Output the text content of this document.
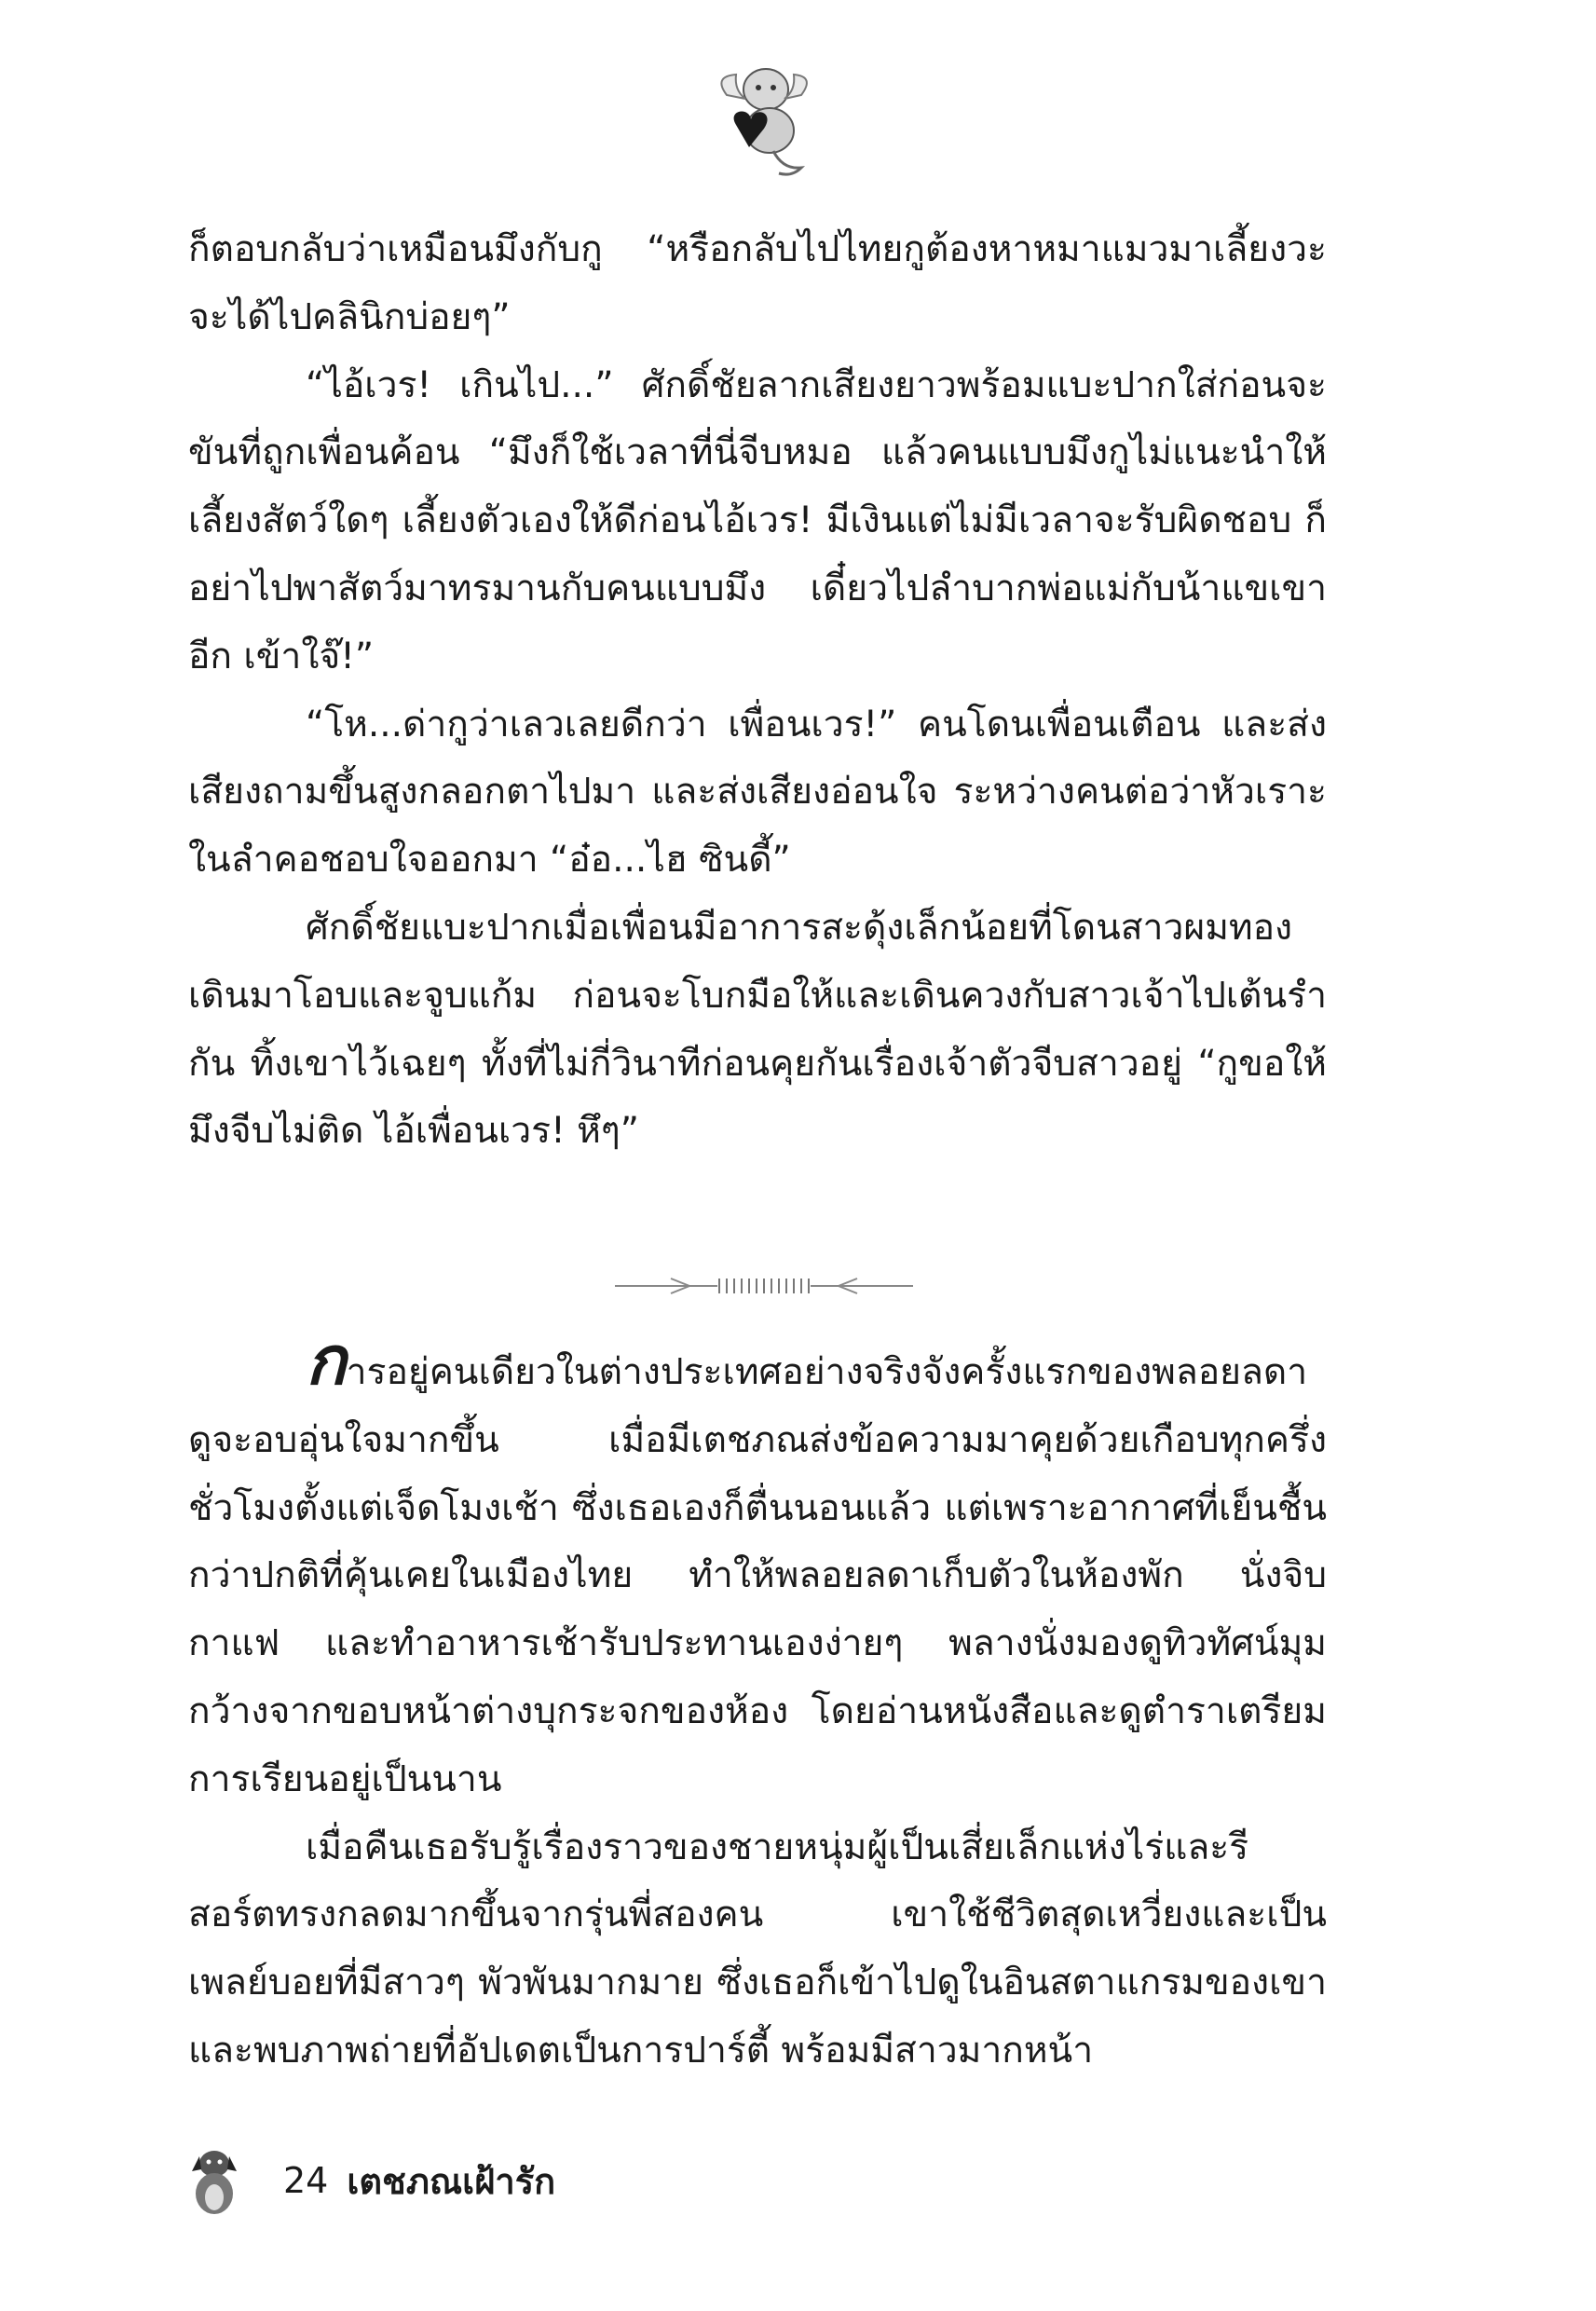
ก็ตอบกลับว่าเหมือนมึงกับกู “หรือกลับไปไทยกูต้องหาหมาแมวมาเลี้ยงวะ จะได้ไปคลินิกบ่อยๆ”

“ไอ้เวร! เกินไป...” ศักดิ์ชัยลากเสียงยาวพร้อมแบะปากใส่ก่อนจะขันที่ถูกเพื่อนค้อน “มึงก็ใช้เวลาที่นี่จีบหมอ แล้วคนแบบมึงกูไม่แนะนำให้เลี้ยงสัตว์ใดๆ เลี้ยงตัวเองให้ดีก่อนไอ้เวร! มีเงินแต่ไม่มีเวลาจะรับผิดชอบ ก็อย่าไปพาสัตว์มาทรมานกับคนแบบมึง เดี๋ยวไปลำบากพ่อแม่กับน้าแขเขาอีก เข้าใจ๊!”

“โห...ด่ากูว่าเลวเลยดีกว่า เพื่อนเวร!” คนโดนเพื่อนเตือน และส่งเสียงถามขึ้นสูงกลอกตาไปมา และส่งเสียงอ่อนใจ ระหว่างคนต่อว่าหัวเราะในลำคอชอบใจออกมา “อ๋อ...ไฮ ซินดี้”

ศักดิ์ชัยแบะปากเมื่อเพื่อนมีอาการสะดุ้งเล็กน้อยที่โดนสาวผมทองเดินมาโอบและจูบแก้ม ก่อนจะโบกมือให้และเดินควงกับสาวเจ้าไปเต้นรำกัน ทิ้งเขาไว้เฉยๆ ทั้งที่ไม่กี่วินาทีก่อนคุยกันเรื่องเจ้าตัวจีบสาวอยู่ “กูขอให้มึงจีบไม่ติด ไอ้เพื่อนเวร! หึๆ”

การอยู่คนเดียวในต่างประเทศอย่างจริงจังครั้งแรกของพลอยลดาดูจะอบอุ่นใจมากขึ้น เมื่อมีเตชภณส่งข้อความมาคุยด้วยเกือบทุกครึ่งชั่วโมงตั้งแต่เจ็ดโมงเช้า ซึ่งเธอเองก็ตื่นนอนแล้ว แต่เพราะอากาศที่เย็นชื้นกว่าปกติที่คุ้นเคยในเมืองไทย ทำให้พลอยลดาเก็บตัวในห้องพัก นั่งจิบกาแฟ และทำอาหารเช้ารับประทานเองง่ายๆ พลางนั่งมองดูทิวทัศน์มุมกว้างจากขอบหน้าต่างบุกระจกของห้อง โดยอ่านหนังสือและดูตำราเตรียมการเรียนอยู่เป็นนาน

เมื่อคืนเธอรับรู้เรื่องราวของชายหนุ่มผู้เป็นเสี่ยเล็กแห่งไร่และรีสอร์ตทรงกลดมากขึ้นจากรุ่นพี่สองคน เขาใช้ชีวิตสุดเหวี่ยงและเป็นเพลย์บอยที่มีสาวๆ พัวพันมากมาย ซึ่งเธอก็เข้าไปดูในอินสตาแกรมของเขาและพบภาพถ่ายที่อัปเดตเป็นการปาร์ตี้ พร้อมมีสาวมากหน้า

24 เตชภณเฝ้ารัก
